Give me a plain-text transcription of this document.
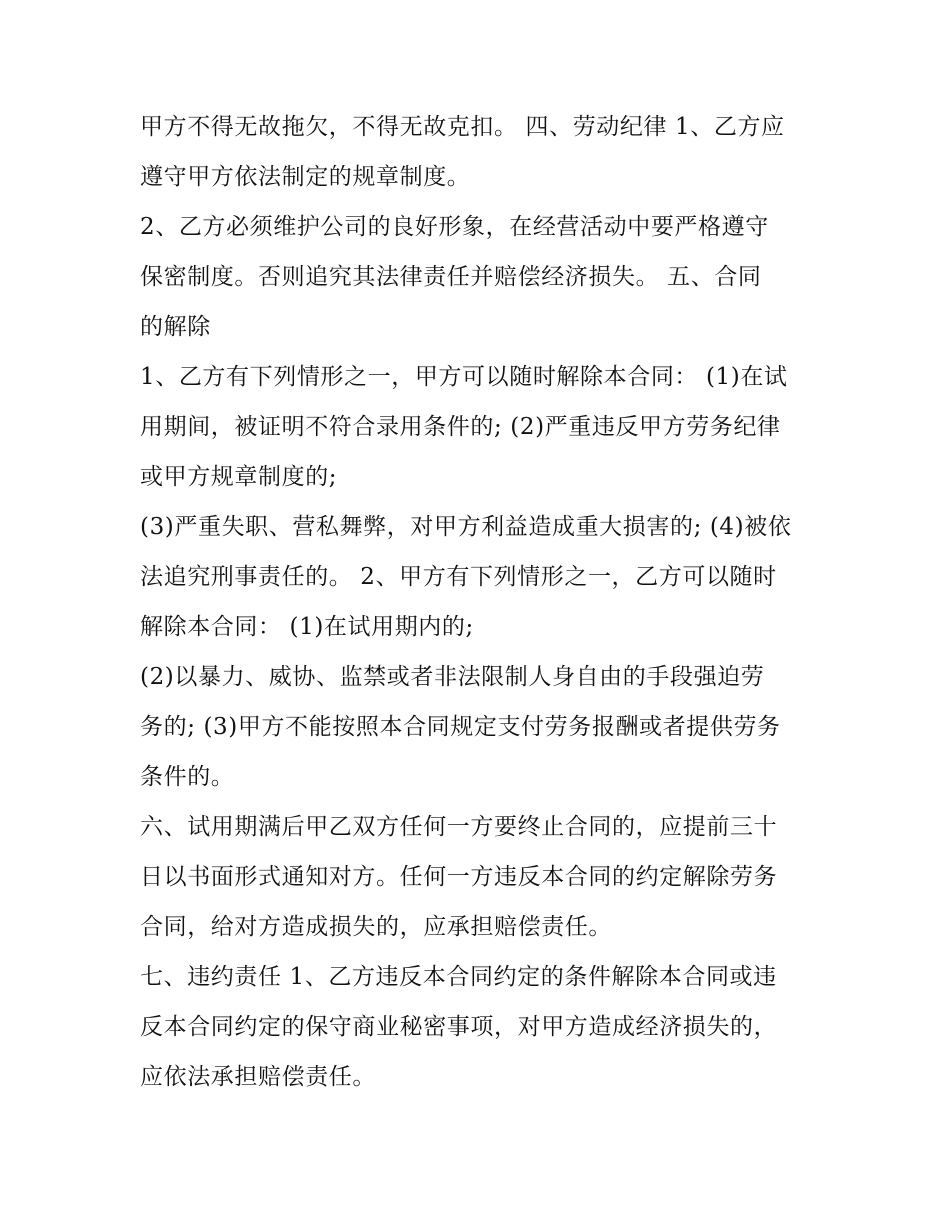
甲方不得无故拖欠，不得无故克扣。 四、劳动纪律 1、乙方应
遵守甲方依法制定的规章制度。
2、乙方必须维护公司的良好形象，在经营活动中要严格遵守
保密制度。否则追究其法律责任并赔偿经济损失。 五、合同
的解除
1、乙方有下列情形之一，甲方可以随时解除本合同： (1)在试
用期间，被证明不符合录用条件的; (2)严重违反甲方劳务纪律
或甲方规章制度的;
(3)严重失职、营私舞弊，对甲方利益造成重大损害的; (4)被依
法追究刑事责任的。 2、甲方有下列情形之一，乙方可以随时
解除本合同： (1)在试用期内的;
(2)以暴力、威协、监禁或者非法限制人身自由的手段强迫劳
务的; (3)甲方不能按照本合同规定支付劳务报酬或者提供劳务
条件的。
六、试用期满后甲乙双方任何一方要终止合同的，应提前三十
日以书面形式通知对方。任何一方违反本合同的约定解除劳务
合同，给对方造成损失的，应承担赔偿责任。
七、违约责任 1、乙方违反本合同约定的条件解除本合同或违
反本合同约定的保守商业秘密事项，对甲方造成经济损失的，
应依法承担赔偿责任。
